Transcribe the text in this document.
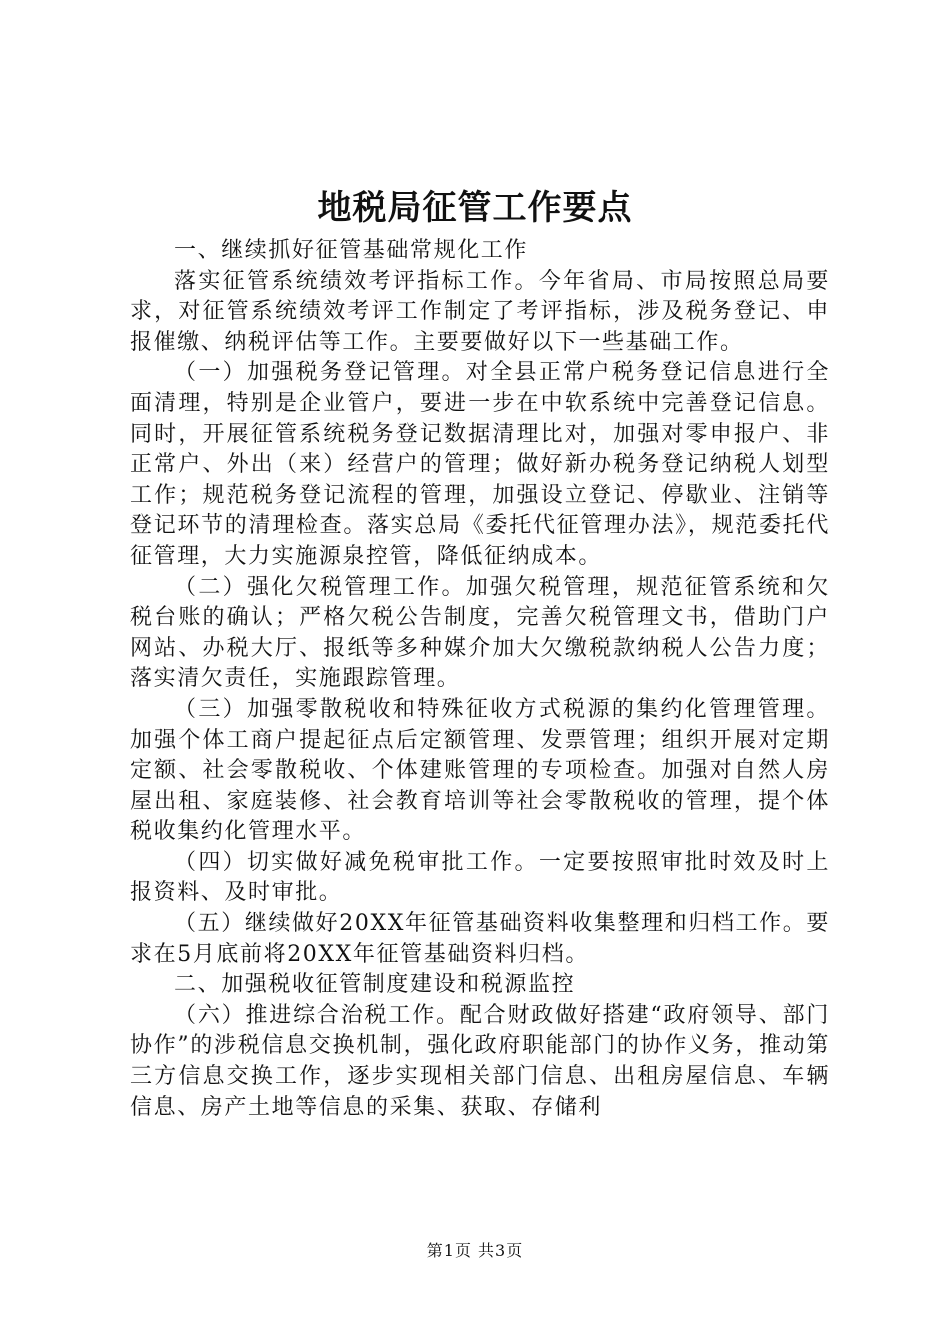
地税局征管工作要点

一、继续抓好征管基础常规化工作

落实征管系统绩效考评指标工作。今年省局、市局按照总局要求，对征管系统绩效考评工作制定了考评指标，涉及税务登记、申报催缴、纳税评估等工作。主要要做好以下一些基础工作。

（一）加强税务登记管理。对全县正常户税务登记信息进行全面清理，特别是企业管户，要进一步在中软系统中完善登记信息。同时，开展征管系统税务登记数据清理比对，加强对零申报户、非正常户、外出（来）经营户的管理；做好新办税务登记纳税人划型工作；规范税务登记流程的管理，加强设立登记、停歇业、注销等登记环节的清理检查。落实总局《委托代征管理办法》，规范委托代征管理，大力实施源泉控管，降低征纳成本。

（二）强化欠税管理工作。加强欠税管理，规范征管系统和欠税台账的确认；严格欠税公告制度，完善欠税管理文书，借助门户网站、办税大厅、报纸等多种媒介加大欠缴税款纳税人公告力度；落实清欠责任，实施跟踪管理。

（三）加强零散税收和特殊征收方式税源的集约化管理管理。加强个体工商户提起征点后定额管理、发票管理；组织开展对定期定额、社会零散税收、个体建账管理的专项检查。加强对自然人房屋出租、家庭装修、社会教育培训等社会零散税收的管理，提个体税收集约化管理水平。

（四）切实做好减免税审批工作。一定要按照审批时效及时上报资料、及时审批。

（五）继续做好20XX年征管基础资料收集整理和归档工作。要求在5月底前将20XX年征管基础资料归档。

二、加强税收征管制度建设和税源监控

（六）推进综合治税工作。配合财政做好搭建“政府领导、部门协作”的涉税信息交换机制，强化政府职能部门的协作义务，推动第三方信息交换工作，逐步实现相关部门信息、出租房屋信息、车辆信息、房产土地等信息的采集、获取、存储利

第1页 共3页
